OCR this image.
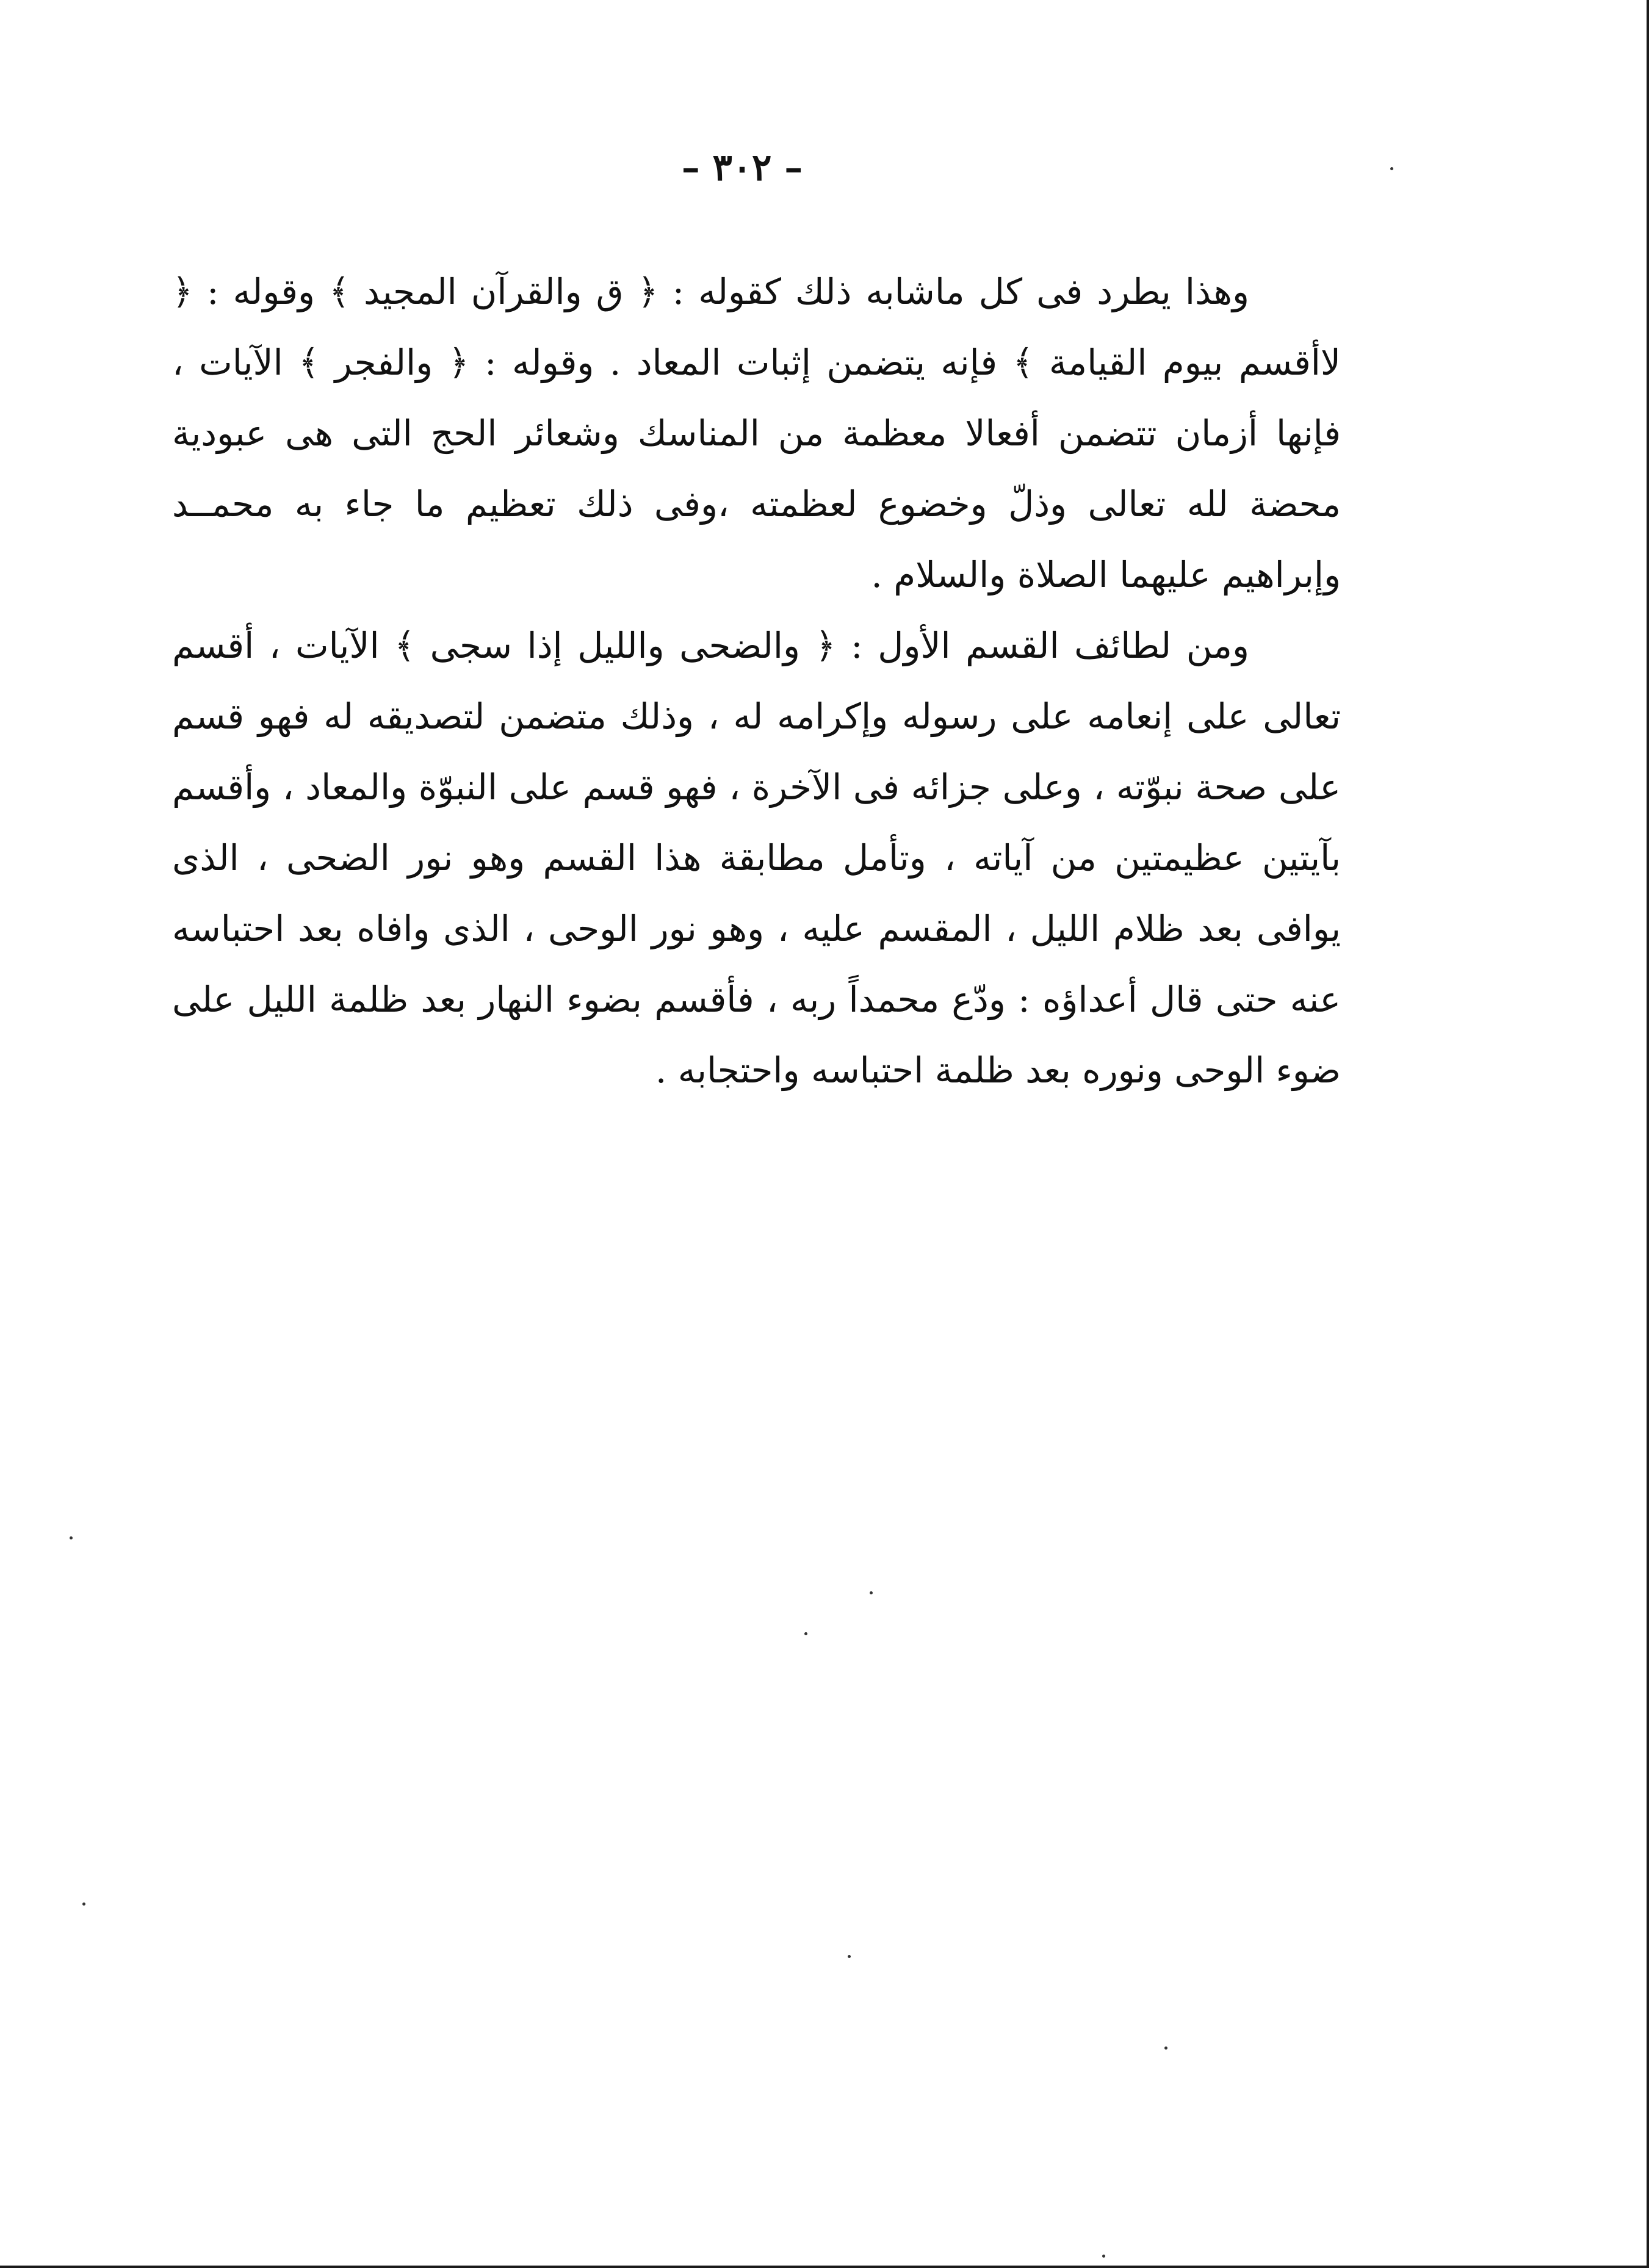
– ٣٠٢ –

وهذا يطرد فى كل ماشابه ذلك كقوله : ﴿ ق والقرآن المجيد ﴾ وقوله : ﴿ لاأقسم بيوم القيامة ﴾ فإنه يتضمن إثبات المعاد . وقوله : ﴿ والفجر ﴾ الآيات ، فإنها أزمان تتضمن أفعالا معظمة من المناسك وشعائر الحج التى هى عبودية محضة لله تعالى وذلّ وخضوع لعظمته ،وفى ذلك تعظيم ما جاء به محمــد وإبراهيم عليهما الصلاة والسلام .

ومن لطائف القسم الأول : ﴿ والضحى والليل إذا سجى ﴾ الآيات ، أقسم تعالى على إنعامه على رسوله وإكرامه له ، وذلك متضمن لتصديقه له فهو قسم على صحة نبوّته ، وعلى جزائه فى الآخرة ، فهو قسم على النبوّة والمعاد ، وأقسم بآيتين عظيمتين من آياته ، وتأمل مطابقة هذا القسم وهو نور الضحى ، الذى يوافى بعد ظلام الليل ، المقسم عليه ، وهو نور الوحى ، الذى وافاه بعد احتباسه عنه حتى قال أعداؤه : ودّع محمداً ربه ، فأقسم بضوء النهار بعد ظلمة الليل على ضوء الوحى ونوره بعد ظلمة احتباسه واحتجابه .
